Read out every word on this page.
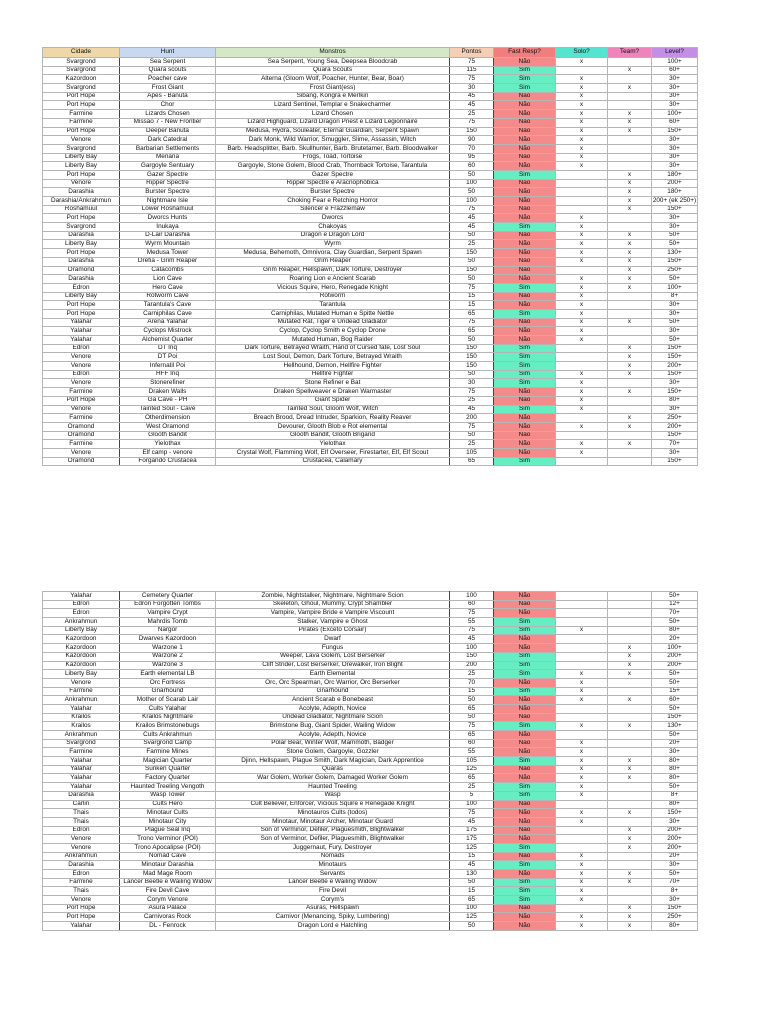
Cidade	Hunt	Monstros	Pontos	Fast Resp?	Solo?	Team?	Level?
Svargrond	Sea Serpent	Sea Serpent, Young Sea, Deepsea Bloodcrab	75	Não	x		100+
Svargrond	Quara scouts	Quara Scouts	115	Sim		x	60+
Kazordoon	Poacher cave	Alterna (Gloom Wolf, Poacher, Hunter, Bear, Boar)	75	Sim	x		30+
Svargrond	Frost Giant	Frost Giant(ess)	30	Sim	x	x	30+
Port Hope	Apes - Banuta	Sibang, Kongra e Merlkin	45	Não	x		30+
Port Hope	Chor	Lizard Sentinel, Templar e Snakecharmer	45	Não	x		30+
Farmine	Lizards Chosen	Lizard Chosen	25	Não	x	x	100+
Farmine	Missão 7 - New Frontier	Lizard Highguard, Lizard Dragon Priest e Lizard Legionnaire	75	Não	x	x	60+
Port Hope	Deeper Banuta	Medusa, Hydra, Souleater, Eternal Guardian, Serpent Spawn	150	Não	x	x	150+
Venore	Dark Catedral	Dark Monk, Wild Warrior, Smuggler, Slime, Assassin, Witch	90	Não	x		30+
Svargrond	Barbarian Settlements	Barb. Headsplitter, Barb. Skullhunter, Barb. Brutetamer, Barb. Bloodwalker	70	Não	x		30+
Liberty Bay	Meriana	Frogs, Toad, Tortoise	95	Não	x		30+
Liberty Bay	Gargoyle Sentuary	Gargoyle, Stone Golem, Blood Crab, Thornback Tortoise, Tarantula	60	Não	x		30+
Port Hope	Gazer Spectre	Gazer Spectre	50	Sim		x	180+
Venore	Ripper Spectre	Ripper Spectre e Aracnophóbica	100	Não		x	200+
Darashia	Burster Spectre	Burster Spectre	50	Não		x	180+
Darashia/Ankrahmun	Nightmare Isle	Choking Fear e Retching Horror	100	Não		x	200+ (ek 250+)
Roshamuul	Lower Roshamuul	Silencer e Frazzlemaw	75	Não		x	150+
Port Hope	Dworcs Hunts	Dworcs	45	Não	x		30+
Svargrond	Inukaya	Chakoyas	45	Sim	x		30+
Darashia	D-Lair Darashia	Dragon e Dragon Lord	50	Não	x	x	50+
Liberty Bay	Wyrm Mountain	Wyrm	25	Não	x	x	50+
Port Hope	Medusa Tower	Medusa, Behemoth, Omnivora, Clay Guardian, Serpent Spawn	150	Não	x	x	130+
Darashia	Drefia - Grim Reaper	Grim Reaper	50	Não	x	x	150+
Oramond	Catacombs	Grim Reaper, Hellspawn, Dark Torture, Destroyer	150	Não		x	250+
Darashia	Lion Cave	Roaring Lion e Ancient Scarab	50	Não	x	x	50+
Edron	Hero Cave	Vicious Squire, Hero, Renegade Knight	75	Sim	x	x	100+
Liberty Bay	Rotworm Cave	Rotworm	15	Não	x		8+
Port Hope	Tarantula's Cave	Tarantula	15	Não	x		30+
Port Hope	Carniphilas Cave	Carniphilas, Mutated Human e Spitte Nettle	65	Sim	x		30+
Yalahar	Arena Yalahar	Mutated Rat, Tiger e Undead Gladiator	75	Não	x	x	50+
Yalahar	Cyclops Mistrock	Cyclop, Cyclop Smith e Cyclop Drone	65	Não	x		30+
Yalahar	Alchemist Quarter	Mutated Human, Bog Raider	50	Não	x		50+
Edron	DT Inq	Dark Torture, Betrayed Wraith, Hand of Cursed fate, Lost Soul	150	Sim		x	150+
Venore	DT Poi	Lost Soul, Demon, Dark Torture, Betrayed Wraith	150	Sim		x	150+
Venore	Infernatil Poi	Hellhound, Demon, Hellfire Fighter	150	Sim		x	200+
Edron	HFF Inq	Hellfire Fighter	50	Sim	x	x	150+
Venore	Stonerefiner	Stone Refiner e Bat	30	Sim	x		30+
Farmine	Draken Walls	Draken Spellweaver e Draken Warmaster	75	Não	x	x	150+
Port Hope	Ga Cave - PH	Giant Spider	25	Não	x		80+
Venore	Tainted Soul - Cave	Tainted Soul, Gloom Wolf, Witch	45	Sim	x		30+
Farmine	Otherdimension	Breach Brood, Dread Intruder, Sparkion, Reality Reaver	200	Não		x	250+
Oramond	West Oramond	Devourer, Glooth Blob e Rot elemental	75	Não	x	x	200+
Oramond	Glooth Bandit	Glooth Bandit, Glooth Brigand	50	Não			150+
Farmine	Yielothax	Yielothax	25	Não	x	x	70+
Venore	Elf camp - venore	Crystal Wolf, Flamming Wolf, Elf Overseer, Firestarter, Elf, Elf Scout	105	Não	x		30+
Oramond	Forgando Crustacea	Crustacea, Calamary	65	Sim			150+
Yalahar	Cemetery Quarter	Zombie, Nightstalker, Nightmare, Nightmare Scion	100	Não			50+
Edron	Edron Forgotten Tombs	Skeleton, Ghoul, Mummy, Crypt Shambler	60	Não			12+
Edron	Vampire Crypt	Vampire, Vampire Bride e Vampire Viscount	75	Não			70+
Ankrahmun	Mahrdis Tomb	Stalker, Vampire e Ghost	55	Sim			50+
Liberty Bay	Nargor	Pirates (Exceto Corsair)	75	Sim	x		80+
Kazordoon	Dwarves Kazordoon	Dwarf	45	Não			20+
Kazordoon	Warzone 1	Fungus	100	Não		x	100+
Kazordoon	Warzone 2	Weeper, Lava Golem, Lost Berserker	150	Sim		x	200+
Kazordoon	Warzone 3	Cliff Strider, Lost Berserker, Orewalker, Iron Blight	200	Sim		x	200+
Liberty Bay	Earth elemental LB	Earth Elemental	25	Sim	x	x	50+
Venore	Orc Fortress	Orc, Orc Spearman, Orc Warrior, Orc Berserker	70	Não	x		50+
Farmine	Gnarhound	Gnarhound	15	Sim	x		15+
Ankrahmun	Mother of Scarab Lair	Ancient Scarab e Bonebeast	50	Não	x	x	60+
Yalahar	Cults Yalahar	Acolyte, Adepth, Novice	65	Não			50+
Krailos	Krailos Nightmare	Undead Gladiator, Nightmare Scion	50	Não			150+
Krailos	Krailos Brimstonebugs	Brimstone Bug, Giant Spider, Wailing Widow	75	Sim	x	x	130+
Ankrahmun	Cults Ankrahmun	Acolyte, Adepth, Novice	65	Não			50+
Svargrond	Svargrond Camp	Polar Bear, Winter Wolf, Mammoth, Badger	60	Não	x		20+
Farmine	Farmine Mines	Stone Golem, Gargoyle, Gozzler	55	Não	x		30+
Yalahar	Magician Quarter	Djinn, Hellspawn, Plague Smith, Dark Magician, Dark Apprentice	105	Sim	x	x	80+
Yalahar	Sunken Quarter	Quaras	125	Não	x	x	80+
Yalahar	Factory Quarter	War Golem, Worker Golem, Damaged Worker Golem	65	Não	x	x	80+
Yalahar	Haunted Treeling Vengoth	Haunted Treeling	25	Sim	x		50+
Darashia	Wasp Tower	Wasp	5	Sim	x		8+
Carlin	Cults Hero	Cult Believer, Enforcer, Vicious Squire e Renegade Knight	100	Não			80+
Thais	Minotaur Cults	Minotauros Cults (todos)	75	Não	x	x	150+
Thais	Minotaur City	Minotaur, Minotaur Archer, Minotaur Guard	45	Não	x		30+
Edron	Plague Seal Inq	Son of Verminor, Defiler, Plaguesmith, Blightwalker	175	Não		x	200+
Venore	Trono Verminor (POI)	Son of Verminor, Defiler, Plaguesmith, Blightwalker	175	Não		x	200+
Venore	Trono Apocalipse (POI)	Juggernaut, Fury, Destroyer	125	Sim		x	200+
Ankrahmun	Nomad Cave	Nomads	15	Não	x		20+
Darashia	Minotaur Darashia	Minotaurs	45	Sim	x		30+
Edron	Mad Mage Room	Servants	130	Não	x	x	50+
Farmine	Lancer Beetle e Wailing Widow	Lancer Beetle e Wailing Widow	50	Sim	x	x	70+
Thais	Fire Devil Cave	Fire Devil	15	Sim	x		8+
Venore	Corym Venore	Corym's	65	Sim	x		30+
Port Hope	Asura Palace	Asuras, Hellspawn	100	Não		x	150+
Port Hope	Carnivoras Rock	Carnivor (Menancing, Spiky, Lumbering)	125	Não	x	x	250+
Yalahar	DL - Fenrock	Dragon Lord e Hatchling	50	Não	x	x	80+
